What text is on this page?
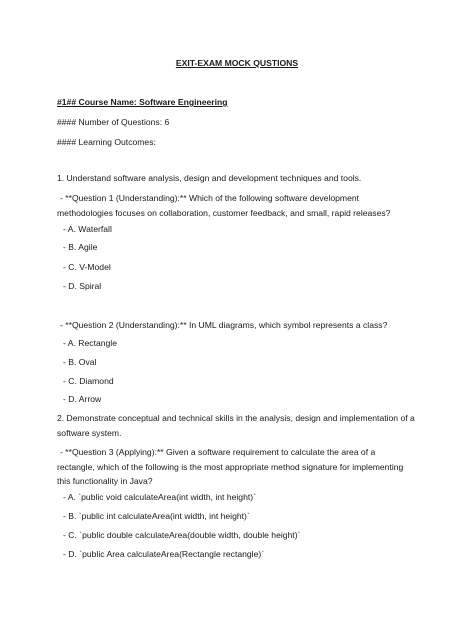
EXIT-EXAM MOCK QUSTIONS
#1## Course Name: Software Engineering
#### Number of Questions: 6
#### Learning Outcomes:
1. Understand software analysis, design and development techniques and tools.
- **Question 1 (Understanding):** Which of the following software development
methodologies focuses on collaboration, customer feedback, and small, rapid releases?
- A. Waterfall
- B. Agile
- C. V-Model
- D. Spiral
- **Question 2 (Understanding):** In UML diagrams, which symbol represents a class?
- A. Rectangle
- B. Oval
- C. Diamond
- D. Arrow
2. Demonstrate conceptual and technical skills in the analysis, design and implementation of a
software system.
- **Question 3 (Applying):** Given a software requirement to calculate the area of a
rectangle, which of the following is the most appropriate method signature for implementing
this functionality in Java?
- A. `public void calculateArea(int width, int height)`
- B. `public int calculateArea(int width, int height)`
- C. `public double calculateArea(double width, double height)`
- D. `public Area calculateArea(Rectangle rectangle)`
